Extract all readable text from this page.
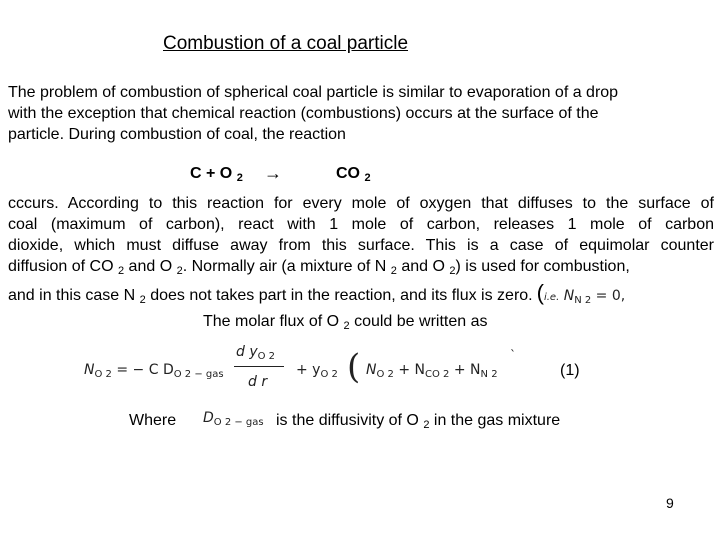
Combustion of a coal particle
The problem of combustion of spherical coal particle is similar to evaporation of a drop
with the exception that chemical reaction (combustions) occurs at the surface of the
particle. During combustion of coal, the reaction
C + O $_2$ →	CO $_2$
cccurs. According to this reaction for every mole of oxygen that diffuses to the surface of
coal (maximum of carbon), react with 1 mole of carbon, releases 1 mole of carbon
dioxide, which must diffuse away from this surface. This is a case of equimolar counter
diffusion of CO $_2$ and O $_2$. Normally air (a mixture of N $_2$ and O $_2$) is used for combustion,
and in this case N $_2$ does not takes part in the reaction, and its flux is zero. (i.e. $N_{N 2} = 0$,
The molar flux of O $_2$ could be written as
$N_{O 2}$ = − C $D_{O 2 - gas}$
d $y_{O 2}$
d r
+ $y_{O 2}$ ( $N_{O 2} + N_{CO 2} + N_{N 2}$
`
(1)
Where $D_{O 2 - gas}$ is the diffusivity of O $_2$ in the gas mixture
9
